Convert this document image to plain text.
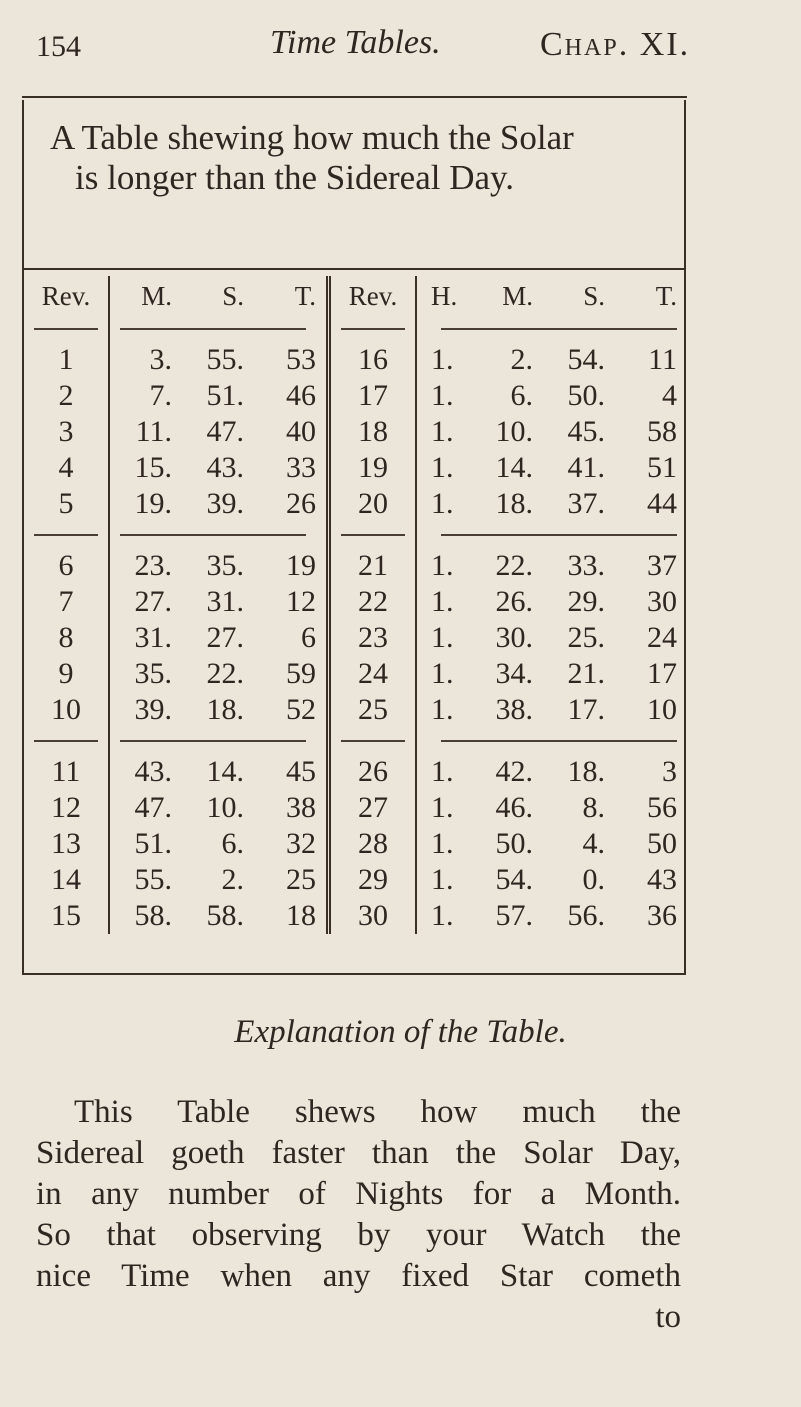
154	Time Tables.	Chap. XI.
A Table shewing how much the Solar
is longer than the Sidereal Day.
Rev.	M.	S.	T.	Rev.	H.	M.	S.	T.

1	3.	55.	53	16	1.	2.	54.	11
2	7.	51.	46	17	1.	6.	50.	4
3	11.	47.	40	18	1.	10.	45.	58
4	15.	43.	33	19	1.	14.	41.	51
5	19.	39.	26	20	1.	18.	37.	44

6	23.	35.	19	21	1.	22.	33.	37
7	27.	31.	12	22	1.	26.	29.	30
8	31.	27.	6	23	1.	30.	25.	24
9	35.	22.	59	24	1.	34.	21.	17
10	39.	18.	52	25	1.	38.	17.	10

11	43.	14.	45	26	1.	42.	18.	3
12	47.	10.	38	27	1.	46.	8.	56
13	51.	6.	32	28	1.	50.	4.	50
14	55.	2.	25	29	1.	54.	0.	43
15	58.	58.	18	30	1.	57.	56.	36
Explanation of the Table.

This Table shews how much the

Sidereal goeth faster than the Solar Day,

in any number of Nights for a Month.

So that observing by your Watch the

nice Time when any fixed Star cometh

to
